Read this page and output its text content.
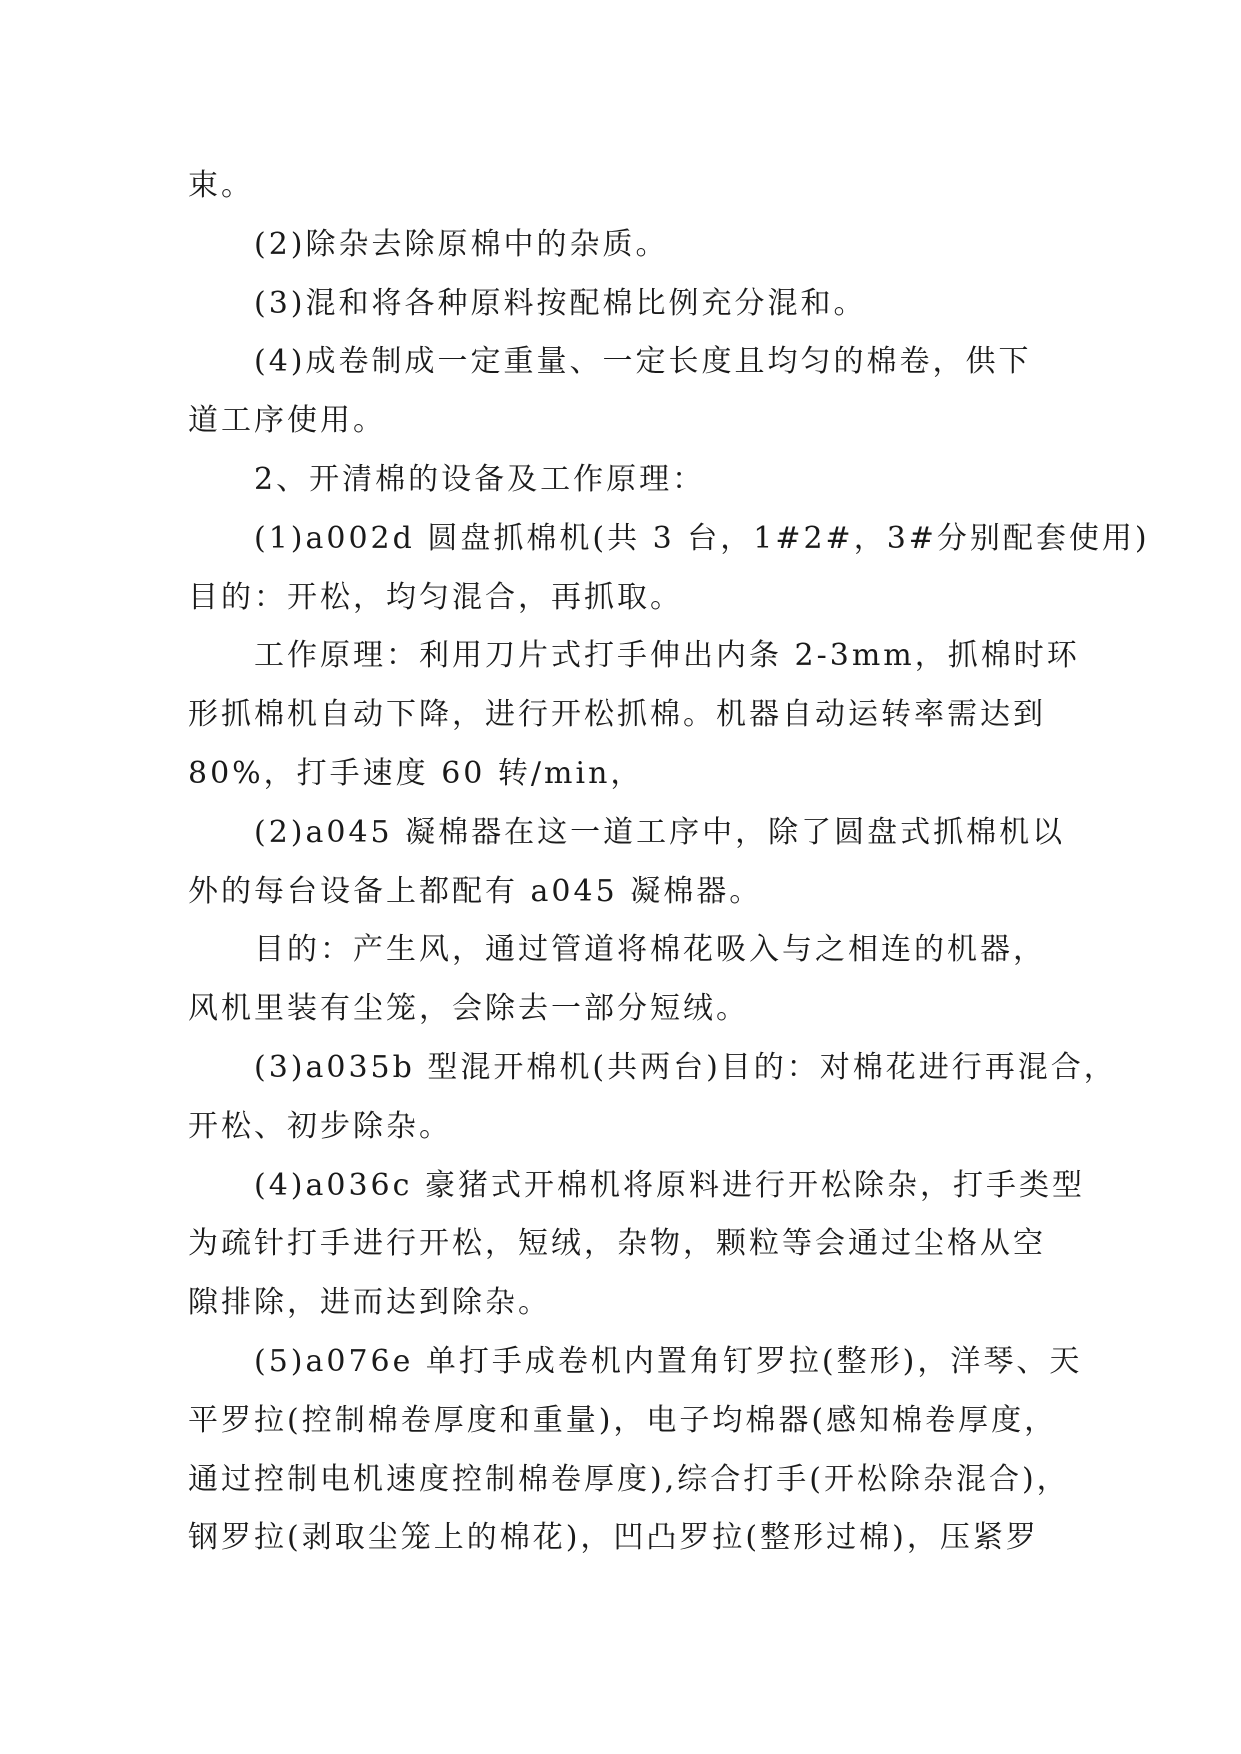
束。
(2)除杂去除原棉中的杂质。
(3)混和将各种原料按配棉比例充分混和。
(4)成卷制成一定重量、一定长度且均匀的棉卷，供下
道工序使用。
2、开清棉的设备及工作原理：
(1)a002d 圆盘抓棉机(共 3 台，1#2#，3#分别配套使用)
目的：开松，均匀混合，再抓取。
工作原理：利用刀片式打手伸出内条 2-3mm，抓棉时环
形抓棉机自动下降，进行开松抓棉。机器自动运转率需达到
80%，打手速度 60 转/min，
(2)a045 凝棉器在这一道工序中，除了圆盘式抓棉机以
外的每台设备上都配有 a045 凝棉器。
目的：产生风，通过管道将棉花吸入与之相连的机器，
风机里装有尘笼，会除去一部分短绒。
(3)a035b 型混开棉机(共两台)目的：对棉花进行再混合，
开松、初步除杂。
(4)a036c 豪猪式开棉机将原料进行开松除杂，打手类型
为疏针打手进行开松，短绒，杂物，颗粒等会通过尘格从空
隙排除，进而达到除杂。
(5)a076e 单打手成卷机内置角钉罗拉(整形)，洋琴、天
平罗拉(控制棉卷厚度和重量)，电子均棉器(感知棉卷厚度，
通过控制电机速度控制棉卷厚度),综合打手(开松除杂混合)，
钢罗拉(剥取尘笼上的棉花)，凹凸罗拉(整形过棉)，压紧罗
